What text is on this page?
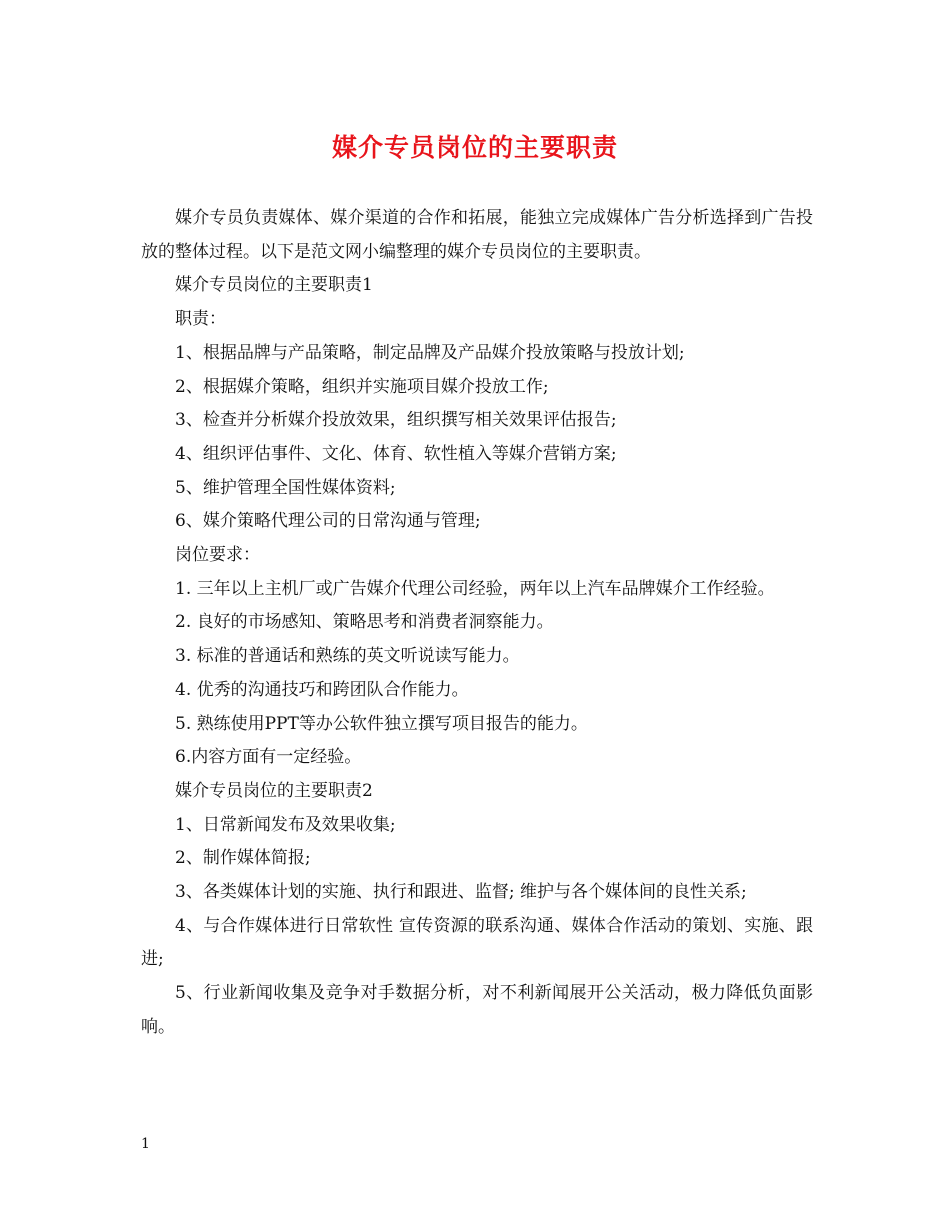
媒介专员岗位的主要职责

媒介专员负责媒体、媒介渠道的合作和拓展，能独立完成媒体广告分析选择到广告投放的整体过程。以下是范文网小编整理的媒介专员岗位的主要职责。

媒介专员岗位的主要职责1

职责：

1、根据品牌与产品策略，制定品牌及产品媒介投放策略与投放计划;

2、根据媒介策略，组织并实施项目媒介投放工作;

3、检查并分析媒介投放效果，组织撰写相关效果评估报告;

4、组织评估事件、文化、体育、软性植入等媒介营销方案;

5、维护管理全国性媒体资料;

6、媒介策略代理公司的日常沟通与管理;

岗位要求：

1. 三年以上主机厂或广告媒介代理公司经验，两年以上汽车品牌媒介工作经验。

2. 良好的市场感知、策略思考和消费者洞察能力。

3. 标准的普通话和熟练的英文听说读写能力。

4. 优秀的沟通技巧和跨团队合作能力。

5. 熟练使用PPT等办公软件独立撰写项目报告的能力。

6.内容方面有一定经验。

媒介专员岗位的主要职责2

1、日常新闻发布及效果收集;

2、制作媒体简报;

3、各类媒体计划的实施、执行和跟进、监督; 维护与各个媒体间的良性关系;

4、与合作媒体进行日常软性 宣传资源的联系沟通、媒体合作活动的策划、实施、跟进;

5、行业新闻收集及竞争对手数据分析，对不利新闻展开公关活动，极力降低负面影响。

1
